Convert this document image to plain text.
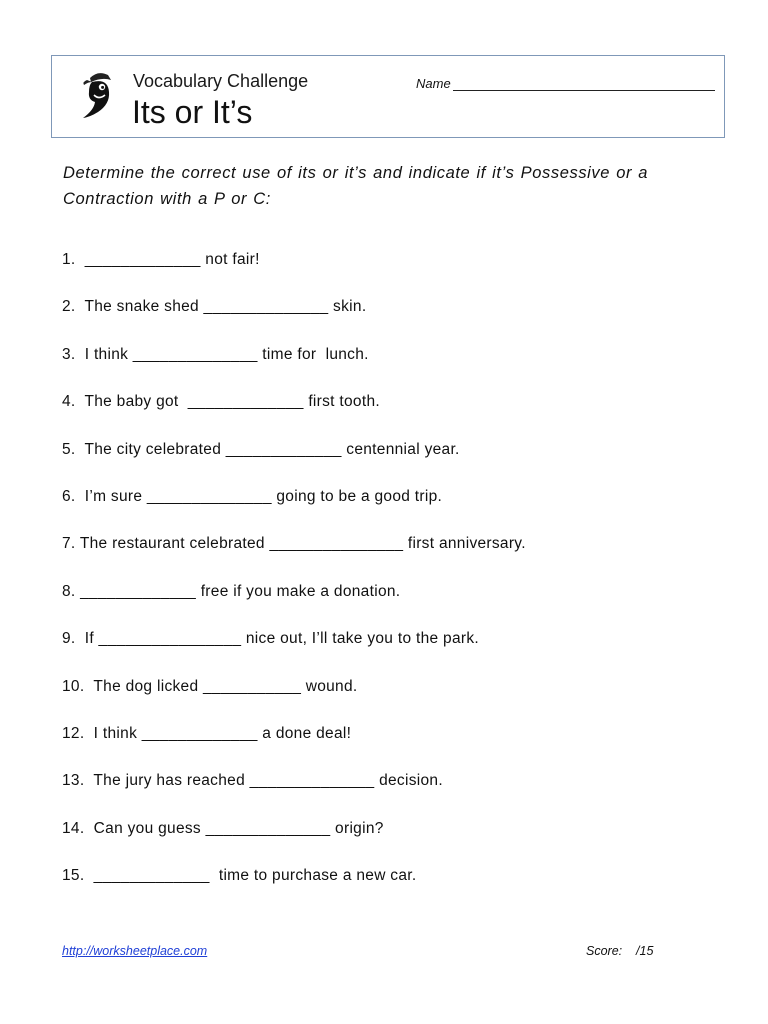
Vocabulary Challenge
Its or It’s
Name
Determine the correct use of its or it’s and indicate if it’s Possessive or a Contraction with a P or C:
1.  _____________ not fair!
2.  The snake shed ______________ skin.
3.  I think ______________ time for  lunch.
4.  The baby got  _____________ first tooth.
5.  The city celebrated _____________ centennial year.
6.  I’m sure ______________ going to be a good trip.
7. The restaurant celebrated _______________ first anniversary.
8. _____________ free if you make a donation.
9.  If ________________ nice out, I’ll take you to the park.
10.  The dog licked ___________ wound.
12.  I think _____________ a done deal!
13.  The jury has reached ______________ decision.
14.  Can you guess ______________ origin?
15.  _____________  time to purchase a new car.
http://worksheetplace.com	Score:    /15
